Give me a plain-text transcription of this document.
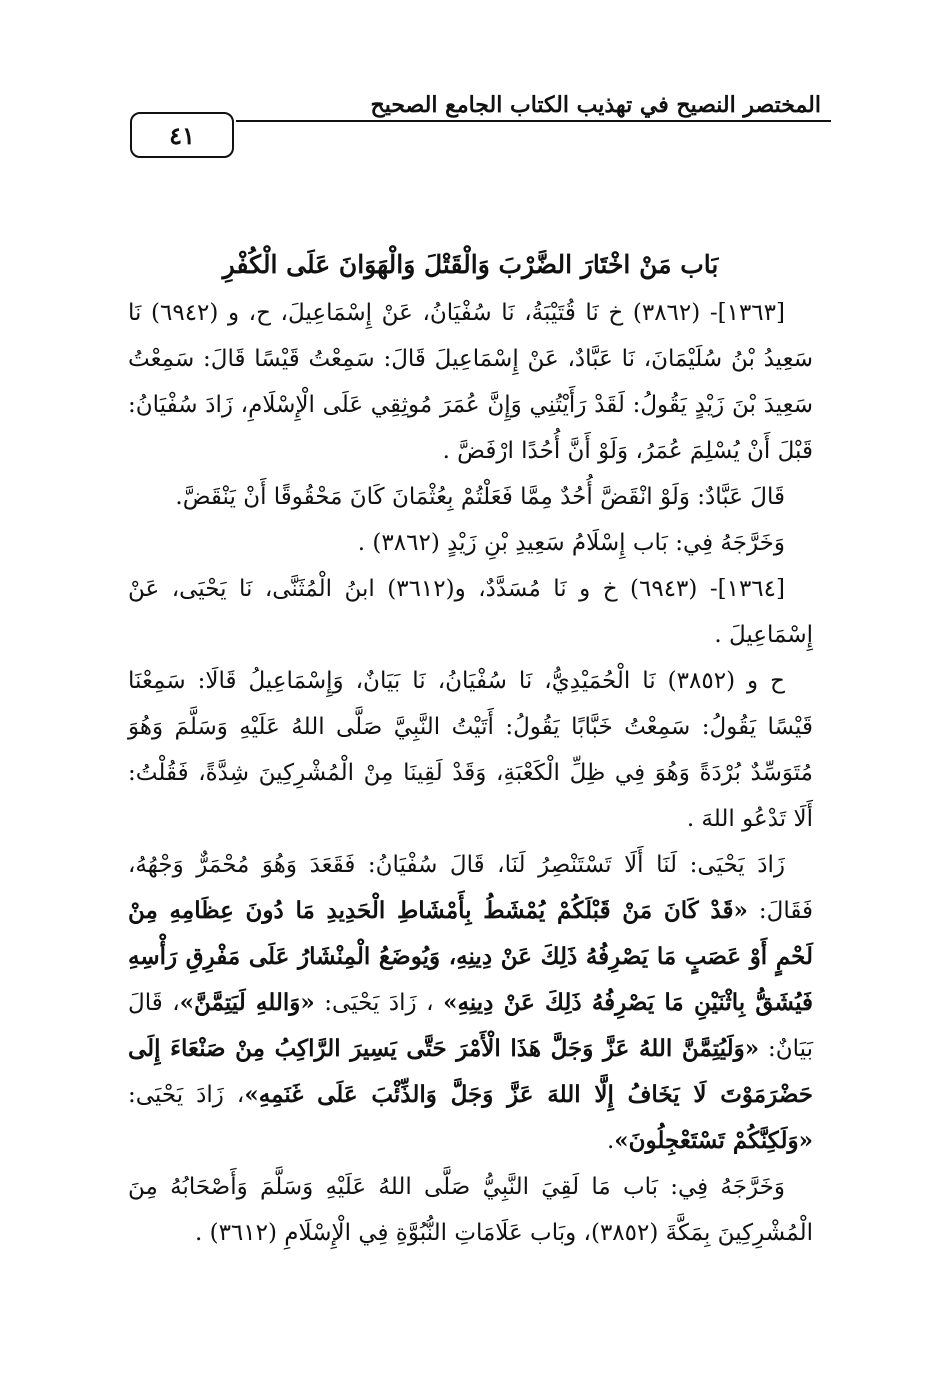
المختصر النصيح في تهذيب الكتاب الجامع الصحيح
٤١

بَاب مَنْ اخْتَارَ الضَّرْبَ وَالْقَتْلَ وَالْهَوَانَ عَلَى الْكُفْرِ

[١٣٦٣]- (٣٨٦٢) خ نَا قُتَيْبَةُ، نَا سُفْيَانُ، عَنْ إِسْمَاعِيلَ، ح، و (٦٩٤٢) نَا سَعِيدُ بْنُ سُلَيْمَانَ، نَا عَبَّادٌ، عَنْ إِسْمَاعِيلَ قَالَ: سَمِعْتُ قَيْسًا قَالَ: سَمِعْتُ سَعِيدَ بْنَ زَيْدٍ يَقُولُ: لَقَدْ رَأَيْتُنِي وَإِنَّ عُمَرَ مُوثِقِي عَلَى الْإِسْلَامِ، زَادَ سُفْيَانُ: قَبْلَ أَنْ يُسْلِمَ عُمَرُ، وَلَوْ أَنَّ أُحُدًا ارْفَضَّ .

قَالَ عَبَّادٌ: وَلَوْ انْقَضَّ أُحُدٌ مِمَّا فَعَلْتُمْ بِعُثْمَانَ كَانَ مَحْقُوقًا أَنْ يَنْقَضَّ.

وَخَرَّجَهُ فِي: بَاب إِسْلَامُ سَعِيدِ بْنِ زَيْدٍ (٣٨٦٢) .

[١٣٦٤]- (٦٩٤٣) خ و نَا مُسَدَّدٌ، و(٣٦١٢) ابنُ الْمُثَنَّى، نَا يَحْيَى، عَنْ إِسْمَاعِيلَ .

ح و (٣٨٥٢) نَا الْحُمَيْدِيُّ، نَا سُفْيَانُ، نَا بَيَانٌ، وَإِسْمَاعِيلُ قَالَا: سَمِعْنَا قَيْسًا يَقُولُ: سَمِعْتُ خَبَّابًا يَقُولُ: أَتَيْتُ النَّبِيَّ صَلَّى اللهُ عَلَيْهِ وَسَلَّمَ وَهُوَ مُتَوَسِّدٌ بُرْدَةً وَهُوَ فِي ظِلِّ الْكَعْبَةِ، وَقَدْ لَقِينَا مِنْ الْمُشْرِكِينَ شِدَّةً، فَقُلْتُ: أَلَا تَدْعُو اللهَ .

زَادَ يَحْيَى: لَنَا أَلَا تَسْتَنْصِرُ لَنَا، قَالَ سُفْيَانُ: فَقَعَدَ وَهُوَ مُحْمَرٌّ وَجْهُهُ، فَقَالَ: «قَدْ كَانَ مَنْ قَبْلَكُمْ يُمْشَطُ بِأَمْشَاطِ الْحَدِيدِ مَا دُونَ عِظَامِهِ مِنْ لَحْمٍ أَوْ عَصَبٍ مَا يَصْرِفُهُ ذَلِكَ عَنْ دِينِهِ، وَيُوضَعُ الْمِنْشَارُ عَلَى مَفْرِقِ رَأْسِهِ فَيُشَقُّ بِاثْنَيْنِ مَا يَصْرِفُهُ ذَلِكَ عَنْ دِينِهِ» ، زَادَ يَحْيَى: «وَاللهِ لَيَتِمَّنَّ»، قَالَ بَيَانٌ: «وَلَيُتِمَّنَّ اللهُ عَزَّ وَجَلَّ هَذَا الْأَمْرَ حَتَّى يَسِيرَ الرَّاكِبُ مِنْ صَنْعَاءَ إِلَى حَضْرَمَوْتَ لَا يَخَافُ إِلَّا اللهَ عَزَّ وَجَلَّ وَالذِّئْبَ عَلَى غَنَمِهِ»، زَادَ يَحْيَى: «وَلَكِنَّكُمْ تَسْتَعْجِلُونَ».

وَخَرَّجَهُ فِي: بَاب مَا لَقِيَ النَّبِيُّ صَلَّى اللهُ عَلَيْهِ وَسَلَّمَ وَأَصْحَابُهُ مِنَ الْمُشْرِكِينَ بِمَكَّةَ (٣٨٥٢)، وبَاب عَلَامَاتِ النُّبُوَّةِ فِي الْإِسْلَامِ (٣٦١٢) .
